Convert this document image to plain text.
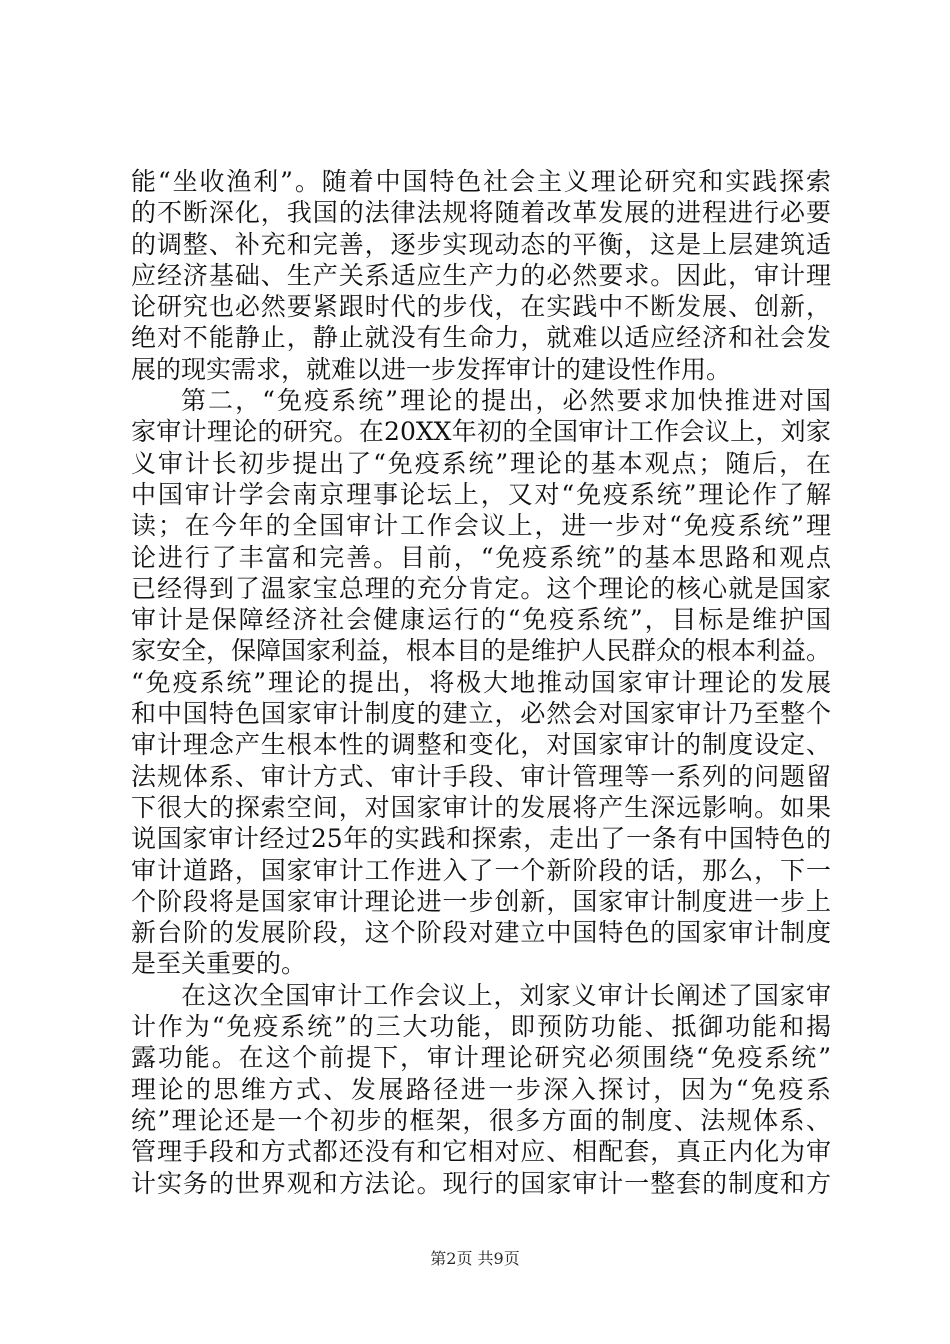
能“坐收渔利”。随着中国特色社会主义理论研究和实践探索
的不断深化，我国的法律法规将随着改革发展的进程进行必要
的调整、补充和完善，逐步实现动态的平衡，这是上层建筑适
应经济基础、生产关系适应生产力的必然要求。因此，审计理
论研究也必然要紧跟时代的步伐，在实践中不断发展、创新，
绝对不能静止，静止就没有生命力，就难以适应经济和社会发
展的现实需求，就难以进一步发挥审计的建设性作用。
第二，“免疫系统”理论的提出，必然要求加快推进对国
家审计理论的研究。在20XX年初的全国审计工作会议上，刘家
义审计长初步提出了“免疫系统”理论的基本观点；随后，在
中国审计学会南京理事论坛上，又对“免疫系统”理论作了解
读；在今年的全国审计工作会议上，进一步对“免疫系统”理
论进行了丰富和完善。目前，“免疫系统”的基本思路和观点
已经得到了温家宝总理的充分肯定。这个理论的核心就是国家
审计是保障经济社会健康运行的“免疫系统”，目标是维护国
家安全，保障国家利益，根本目的是维护人民群众的根本利益。
“免疫系统”理论的提出，将极大地推动国家审计理论的发展
和中国特色国家审计制度的建立，必然会对国家审计乃至整个
审计理念产生根本性的调整和变化，对国家审计的制度设定、
法规体系、审计方式、审计手段、审计管理等一系列的问题留
下很大的探索空间，对国家审计的发展将产生深远影响。如果
说国家审计经过25年的实践和探索，走出了一条有中国特色的
审计道路，国家审计工作进入了一个新阶段的话，那么，下一
个阶段将是国家审计理论进一步创新，国家审计制度进一步上
新台阶的发展阶段，这个阶段对建立中国特色的国家审计制度
是至关重要的。
在这次全国审计工作会议上，刘家义审计长阐述了国家审
计作为“免疫系统”的三大功能，即预防功能、抵御功能和揭
露功能。在这个前提下，审计理论研究必须围绕“免疫系统”
理论的思维方式、发展路径进一步深入探讨，因为“免疫系
统”理论还是一个初步的框架，很多方面的制度、法规体系、
管理手段和方式都还没有和它相对应、相配套，真正内化为审
计实务的世界观和方法论。现行的国家审计一整套的制度和方
第2页 共9页
